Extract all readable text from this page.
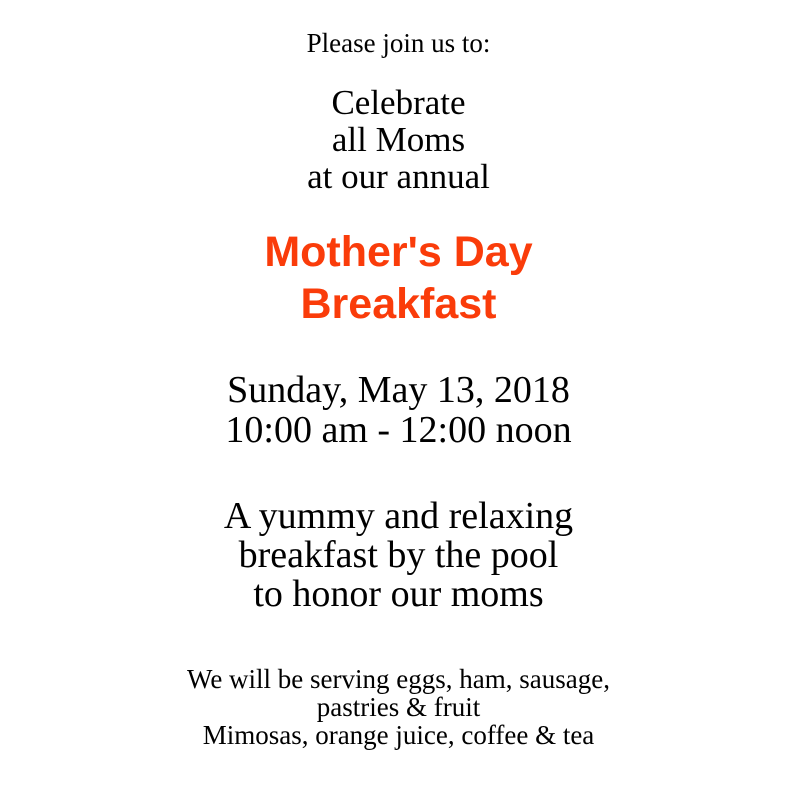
Please join us to:

Celebrate
all Moms
at our annual
Mother's Day
Breakfast
Sunday, May 13, 2018
10:00 am - 12:00 noon
A yummy and relaxing
breakfast by the pool
to honor our moms
We will be serving eggs, ham, sausage,
pastries & fruit
Mimosas, orange juice, coffee & tea
